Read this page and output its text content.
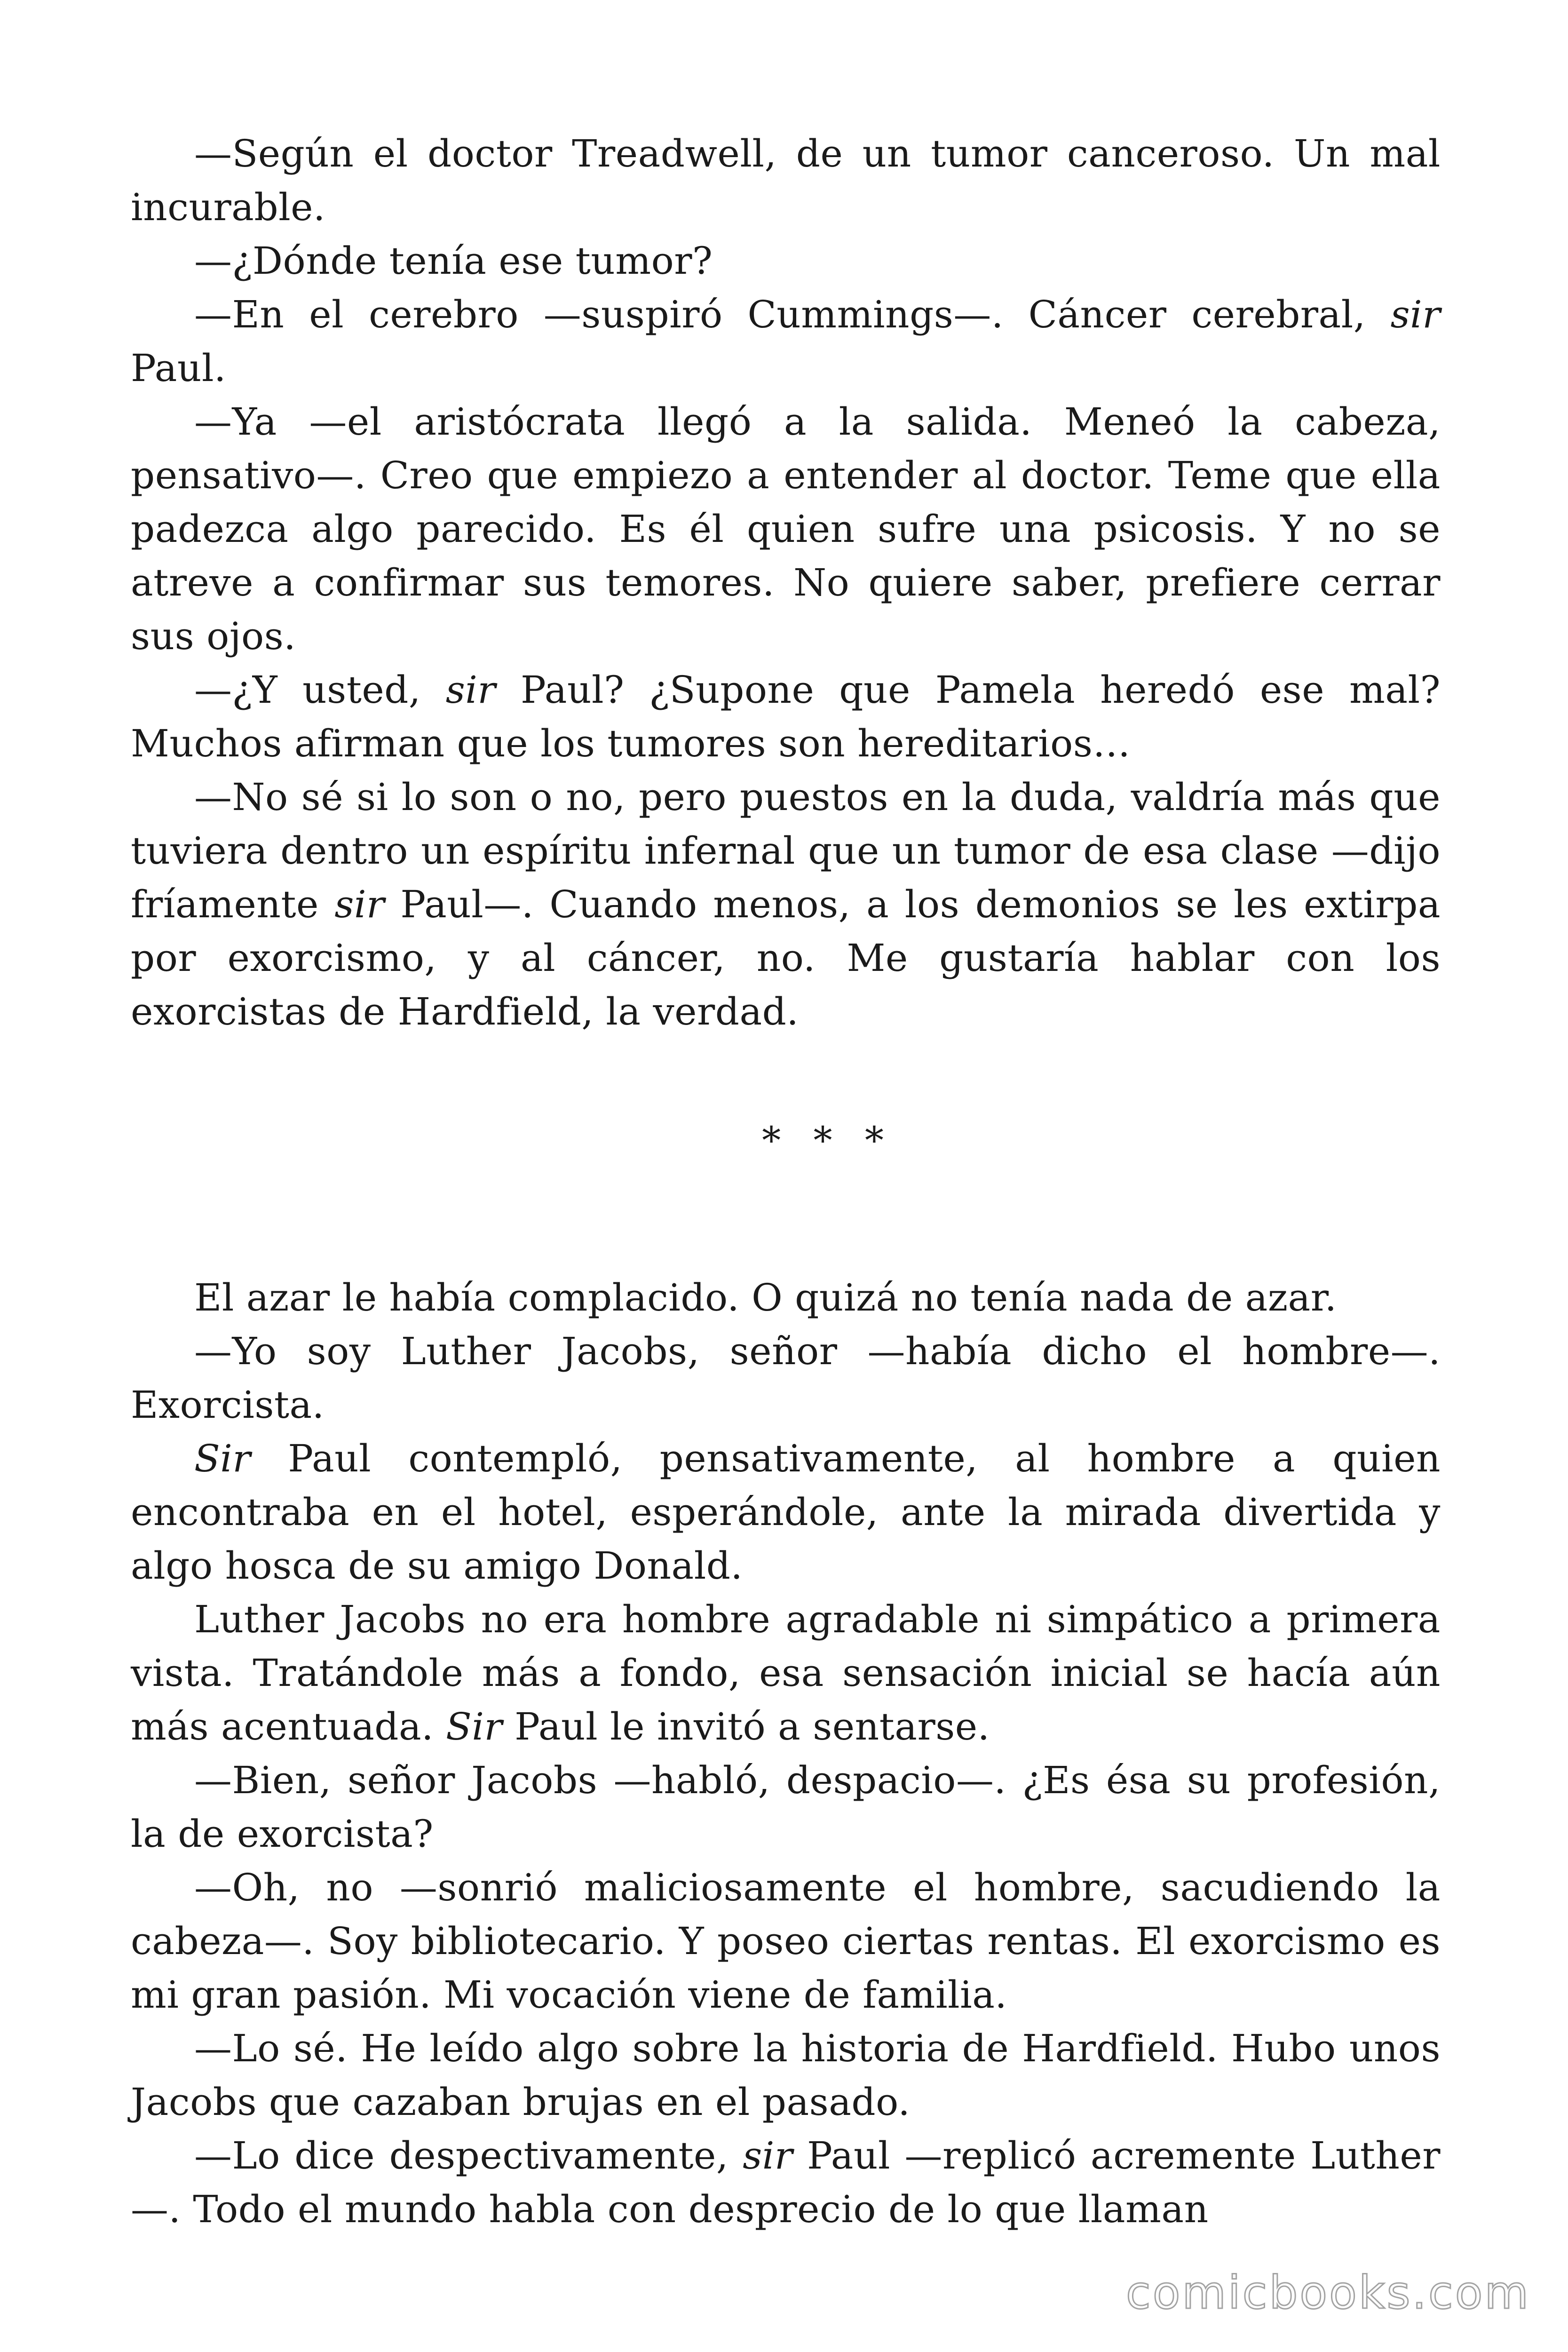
—Según el doctor Treadwell, de un tumor canceroso. Un mal incurable.

—¿Dónde tenía ese tumor?

—En el cerebro —suspiró Cummings—. Cáncer cerebral, sir Paul.

—Ya —el aristócrata llegó a la salida. Meneó la cabeza, pensativo—. Creo que empiezo a entender al doctor. Teme que ella padezca algo parecido. Es él quien sufre una psicosis. Y no se atreve a confirmar sus temores. No quiere saber, prefiere cerrar sus ojos.

—¿Y usted, sir Paul? ¿Supone que Pamela heredó ese mal? Muchos afirman que los tumores son hereditarios…

—No sé si lo son o no, pero puestos en la duda, valdría más que tuviera dentro un espíritu infernal que un tumor de esa clase —dijo fríamente sir Paul—. Cuando menos, a los demonios se les extirpa por exorcismo, y al cáncer, no. Me gustaría hablar con los exorcistas de Hardfield, la verdad.

* * *

El azar le había complacido. O quizá no tenía nada de azar.

—Yo soy Luther Jacobs, señor —había dicho el hombre—. Exorcista.

Sir Paul contempló, pensativamente, al hombre a quien encontraba en el hotel, esperándole, ante la mirada divertida y algo hosca de su amigo Donald.

Luther Jacobs no era hombre agradable ni simpático a primera vista. Tratándole más a fondo, esa sensación inicial se hacía aún más acentuada. Sir Paul le invitó a sentarse.

—Bien, señor Jacobs —habló, despacio—. ¿Es ésa su profesión, la de exorcista?

—Oh, no —sonrió maliciosamente el hombre, sacudiendo la cabeza—. Soy bibliotecario. Y poseo ciertas rentas. El exorcismo es mi gran pasión. Mi vocación viene de familia.

—Lo sé. He leído algo sobre la historia de Hardfield. Hubo unos Jacobs que cazaban brujas en el pasado.

—Lo dice despectivamente, sir Paul —replicó acremente Luther —. Todo el mundo habla con desprecio de lo que llaman

comicbooks.com
